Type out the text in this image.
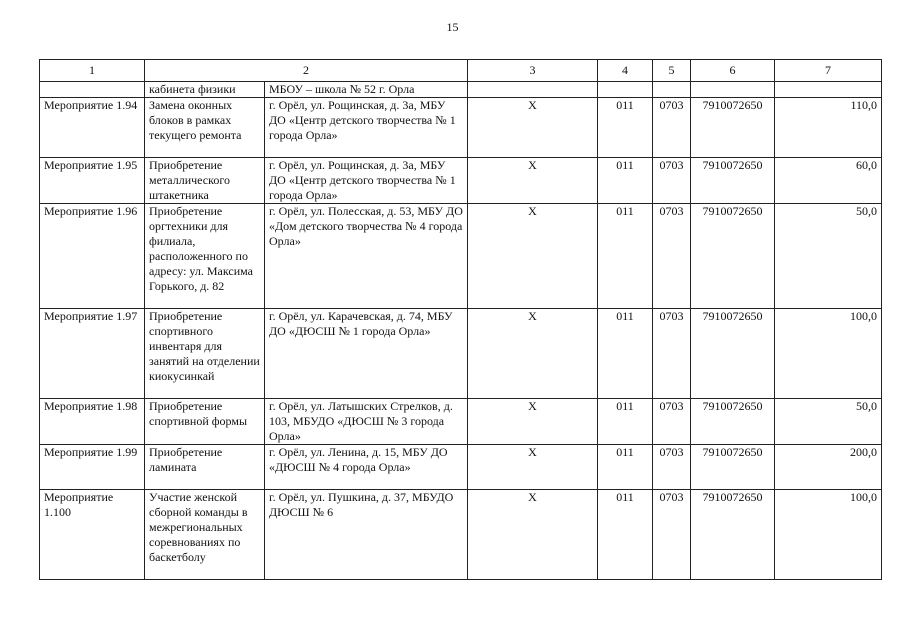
15
1	2		3	4	5	6	7
	кабинета физики	МБОУ – школа № 52 г. Орла					
Мероприятие 1.94	Замена оконных блоков в рамках текущего ремонта	г. Орёл, ул. Рощинская, д. 3а, МБУ ДО «Центр детского творчества № 1 города Орла»	Х	011	0703	7910072650	110,0
Мероприятие 1.95	Приобретение металлического штакетника	г. Орёл, ул. Рощинская, д. 3а, МБУ ДО «Центр детского творчества № 1 города Орла»	Х	011	0703	7910072650	60,0
Мероприятие 1.96	Приобретение оргтехники для филиала, расположенного по адресу: ул. Максима Горького, д. 82	г. Орёл, ул. Полесская, д. 53, МБУ ДО «Дом детского творчества № 4 города Орла»	Х	011	0703	7910072650	50,0
Мероприятие 1.97	Приобретение спортивного инвентаря для занятий на отделении киокусинкай	г. Орёл, ул. Карачевская, д. 74, МБУ ДО «ДЮСШ № 1 города Орла»	Х	011	0703	7910072650	100,0
Мероприятие 1.98	Приобретение спортивной формы	г. Орёл, ул. Латышских Стрелков, д. 103, МБУДО «ДЮСШ № 3 города Орла»	Х	011	0703	7910072650	50,0
Мероприятие 1.99	Приобретение ламината	г. Орёл, ул. Ленина, д. 15, МБУ ДО «ДЮСШ № 4 города Орла»	Х	011	0703	7910072650	200,0
Мероприятие 1.100	Участие женской сборной команды в межрегиональных соревнованиях по баскетболу	г. Орёл, ул. Пушкина, д. 37, МБУДО ДЮСШ № 6	Х	011	0703	7910072650	100,0
